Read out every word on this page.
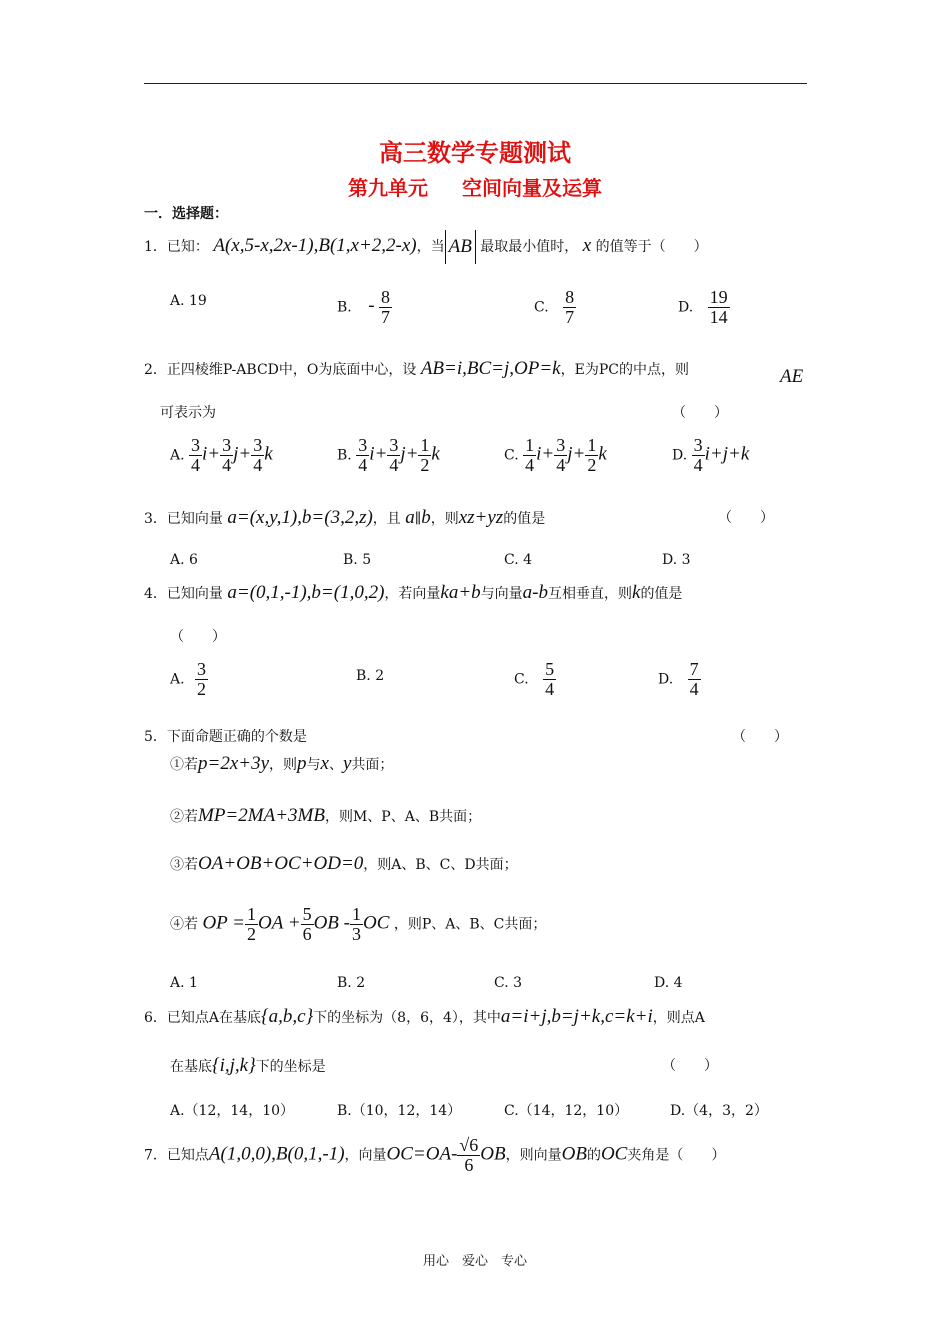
高三数学专题测试
第九单元 空间向量及运算
一．选择题：
1．已知： A(x,5-x,2x-1),B(1,x+2,2-x)，当 AB 最取最小值时， x 的值等于（　　）
A. 19	B. - $\frac{8}{7}$	C. $\frac{8}{7}$	D. $\frac{19}{14}$
2．正四棱维P-ABCD中，O为底面中心，设 AB=i,BC=j,OP=k，E为PC的中点，则	AE
可表示为	（　　）
A. $\frac{3}{4} i+ \frac{3}{4} j+ \frac{3}{4}$ k	B. $\frac{3}{4} i+ \frac{3}{4} j+ \frac{1}{2}$ k	C. $\frac{1}{4} i+ \frac{3}{4} j+ \frac{1}{2}$ k	D. $\frac{3}{4} i+j+k$
3．已知向量 a=(x,y,1),b=(3,2,z)，且 a∥b，则xz+yz的值是	（　　）
A. 6	B. 5	C. 4	D. 3
4．已知向量 a=(0,1,-1),b=(1,0,2)，若向量ka+b与向量a-b互相垂直，则k的值是
（　　）
A. $\frac{3}{2}$	B. 2	C. $\frac{5}{4}$	D. $\frac{7}{4}$
5．下面命题正确的个数是	（　　）
①若p=2x+3y，则p与x、y共面；
②若MP=2MA+3MB，则M、P、A、B共面；
③若OA+OB+OC+OD=0，则A、B、C、D共面；
④若 OP = $\frac{1}{2}$ OA + $\frac{5}{6}$ OB - $\frac{1}{3}$ OC ，则P、A、B、C共面；
A. 1	B. 2	C. 3	D. 4
6．已知点A在基底{a,b,c}下的坐标为（8，6，4），其中a=i+j,b=j+k,c=k+i，则点A
在基底{i,j,k}下的坐标是	（　　）
A.（12，14，10）	B.（10，12，14）	C.（14，12，10）	D.（4，3，2）
7．已知点A(1,0,0),B(0,1,-1)，向量$OC=OA- \frac{√6}{6}$ OB，则向量OB的OC夹角是（　　）
用心　爱心　专心
